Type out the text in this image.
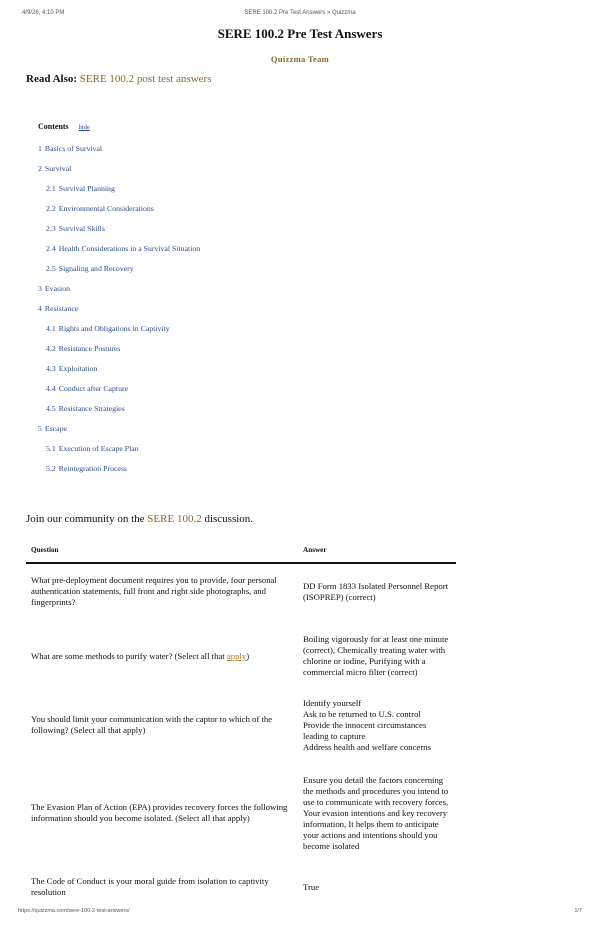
4/9/26, 4:10 PM	SERE 100.2 Pre Test Answers » Quizzma
SERE 100.2 Pre Test Answers
Quizzma Team
Read Also: SERE 100.2 post test answers
Contents hide
1 Basics of Survival
2 Survival
2.1 Survival Planning
2.2 Environmental Considerations
2.3 Survival Skills
2.4 Health Considerations in a Survival Situation
2.5 Signaling and Recovery
3 Evasion
4 Resistance
4.1 Rights and Obligations in Captivity
4.2 Resistance Postures
4.3 Exploitation
4.4 Conduct after Capture
4.5 Resistance Strategies
5 Escape
5.1 Execution of Escape Plan
5.2 Reintegration Process
Join our community on the SERE 100.2 discussion.
Question	Answer
What pre-deployment document requires you to provide, four personal authentication statements, full front and right side photographs, and fingerprints?	DD Form 1833 Isolated Personnel Report (ISOPREP) (correct)

What are some methods to purify water? (Select all that apply)	Boiling vigorously for at least one minute (correct), Chemically treating water with chlorine or iodine, Purifying with a commercial micro filter (correct)

You should limit your communication with the captor to which of the following? (Select all that apply)	Identify yourself
Ask to be returned to U.S. control
Provide the innocent circumstances leading to capture
Address health and welfare concerns

The Evasion Plan of Action (EPA) provides recovery forces the following information should you become isolated. (Select all that apply)	Ensure you detail the factors concerning the methods and procedures you intend to use to communicate with recovery forces, Your evasion intentions and key recovery information, It helps them to anticipate your actions and intentions should you become isolated

The Code of Conduct is your moral guide from isolation to captivity resolution	True
https://quizzma.com/sere-100-2-test-answers/	1/7
